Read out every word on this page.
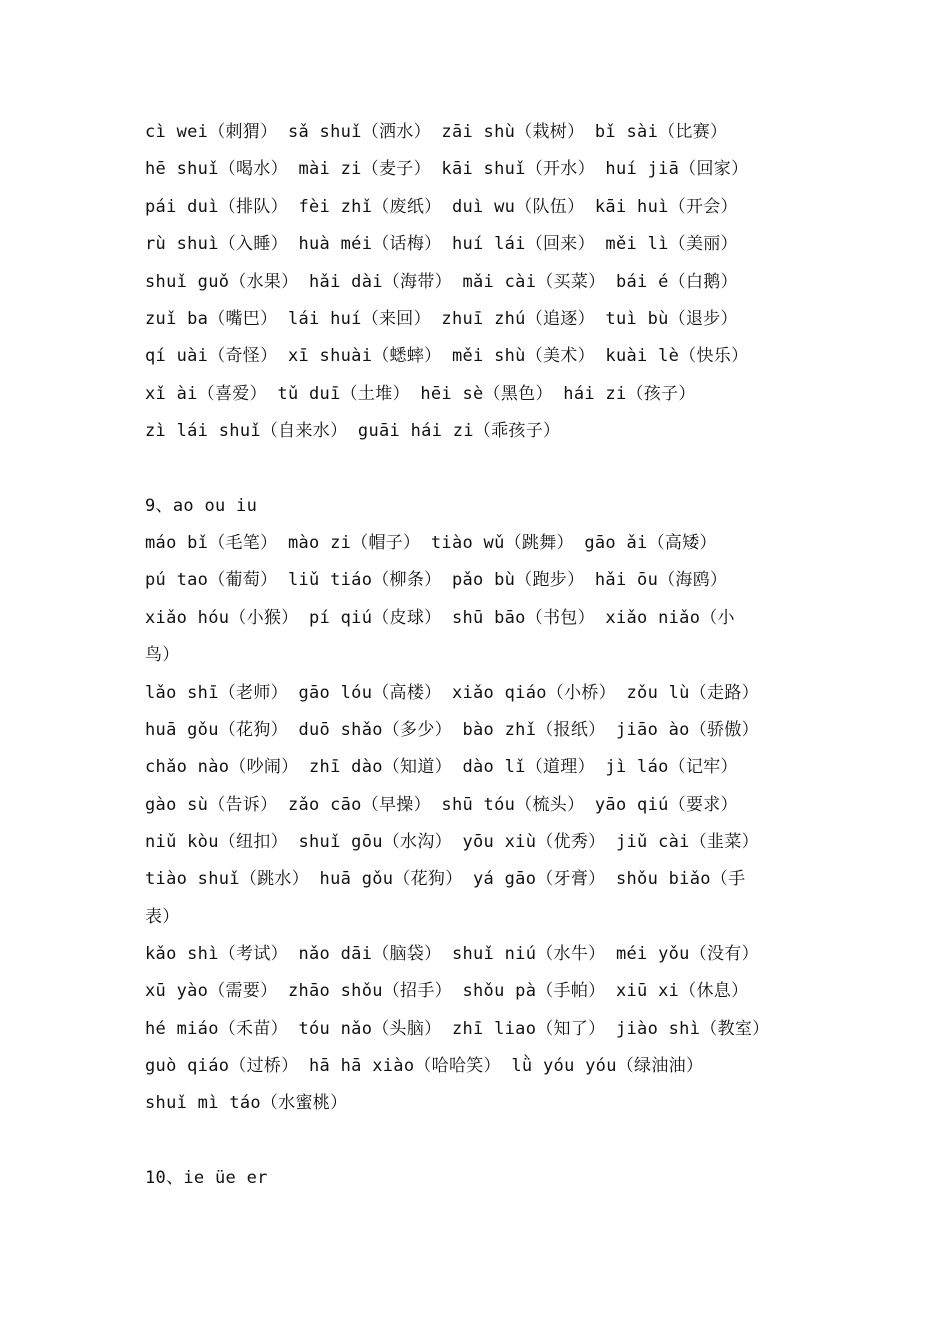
cì wei（刺猬） sǎ shuǐ（洒水） zāi shù（栽树） bǐ sài（比赛）
hē shuǐ（喝水） mài zi（麦子） kāi shuǐ（开水） huí jiā（回家）
pái duì（排队） fèi zhǐ（废纸） duì wu（队伍） kāi huì（开会）
rù shuì（入睡） huà méi（话梅） huí lái（回来） měi lì（美丽）
shuǐ guǒ（水果） hǎi dài（海带） mǎi cài（买菜） bái é（白鹅）
zuǐ ba（嘴巴） lái huí（来回） zhuī zhú（追逐） tuì bù（退步）
qí uài（奇怪） xī shuài（蟋蟀） měi shù（美术） kuài lè（快乐）
xǐ ài（喜爱） tǔ duī（土堆） hēi sè（黑色） hái zi（孩子）
zì lái shuǐ（自来水） guāi hái zi（乖孩子）
9、ao ou iu
máo bǐ（毛笔） mào zi（帽子） tiào wǔ（跳舞） gāo ǎi（高矮）
pú tao（葡萄） liǔ tiáo（柳条） pǎo bù（跑步） hǎi ōu（海鸥）
xiǎo hóu（小猴） pí qiú（皮球） shū bāo（书包） xiǎo niǎo（小
鸟）
lǎo shī（老师） gāo lóu（高楼） xiǎo qiáo（小桥） zǒu lù（走路）
huā gǒu（花狗） duō shǎo（多少） bào zhǐ（报纸） jiāo ào（骄傲）
chǎo nào（吵闹） zhī dào（知道） dào lǐ（道理） jì láo（记牢）
gào sù（告诉） zǎo cāo（早操） shū tóu（梳头） yāo qiú（要求）
niǔ kòu（纽扣） shuǐ gōu（水沟） yōu xiù（优秀） jiǔ cài（韭菜）
tiào shuǐ（跳水） huā gǒu（花狗） yá gāo（牙膏） shǒu biǎo（手
表）
kǎo shì（考试） nǎo dāi（脑袋） shuǐ niú（水牛） méi yǒu（没有）
xū yào（需要） zhāo shǒu（招手） shǒu pà（手帕） xiū xi（休息）
hé miáo（禾苗） tóu nǎo（头脑） zhī liao（知了） jiào shì（教室）
guò qiáo（过桥） hā hā xiào（哈哈笑） lǜ yóu yóu（绿油油）
shuǐ mì táo（水蜜桃）
10、ie üe er
